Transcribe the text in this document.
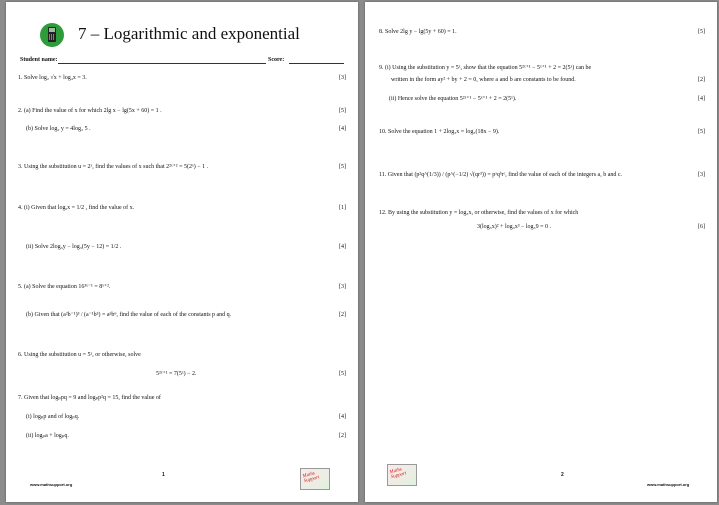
7 – Logarithmic and exponential
Student name:	Score:
1. Solve log₂ √x + log₄x = 3.	[3]
2. (a) Find the value of x for which 2lg x − lg(5x + 60) = 1 .	[5]
(b) Solve log₂ y = 4log₂ 5 .	[4]
3. Using the substitution u = 2ˣ, find the values of x such that 2²ˣ⁺² = 5(2ˣ) − 1 .	[5]
4. (i) Given that logᵧx = 1/2 , find the value of x.	[1]
(ii) Solve 2log₃y − log₃(5y − 12) = 1/2 .	[4]
5. (a) Solve the equation 16³ˣ⁻¹ = 8ˣ⁺².	[3]
(b) Given that (a²b⁻¹)³ / (a⁻¹b³) = aᵖbᵠ, find the value of each of the constants p and q.	[2]
6. Using the substitution u = 5ˣ, or otherwise, solve
5²ˣ⁺¹ = 7(5ˣ) − 2.	[5]
7. Given that logₚpq = 9 and logₚp²q = 15, find the value of
(i) logₚp and of logₚq.	[4]
(ii) logₚa + logₚq.	[2]
1
www.mathsupport.org
Maths Support
8. Solve 2lg y − lg(5y + 60) = 1.	[5]
9. (i) Using the substitution y = 5ˣ, show that the equation 5²ˣ⁺¹ − 5ˣ⁺¹ + 2 = 2(5ˣ) can be
written in the form ay² + by + 2 = 0, where a and b are constants to be found.	[2]
(ii) Hence solve the equation 5²ˣ⁺¹ − 5ˣ⁺¹ + 2 = 2(5ˣ).	[4]
10. Solve the equation 1 + 2log₃x = log₃(18x − 9).	[5]
11. Given that (p²q^(1/3)) / (p^(−1/2) √(qr³)) = pᵃqᵇrᶜ, find the value of each of the integers a, b and c.	[3]
12. By using the substitution y = log₃x, or otherwise, find the values of x for which
3(log₃x)² + log₃x³ − log₃9 = 0 .	[6]
Maths Support	2
www.mathsupport.org
